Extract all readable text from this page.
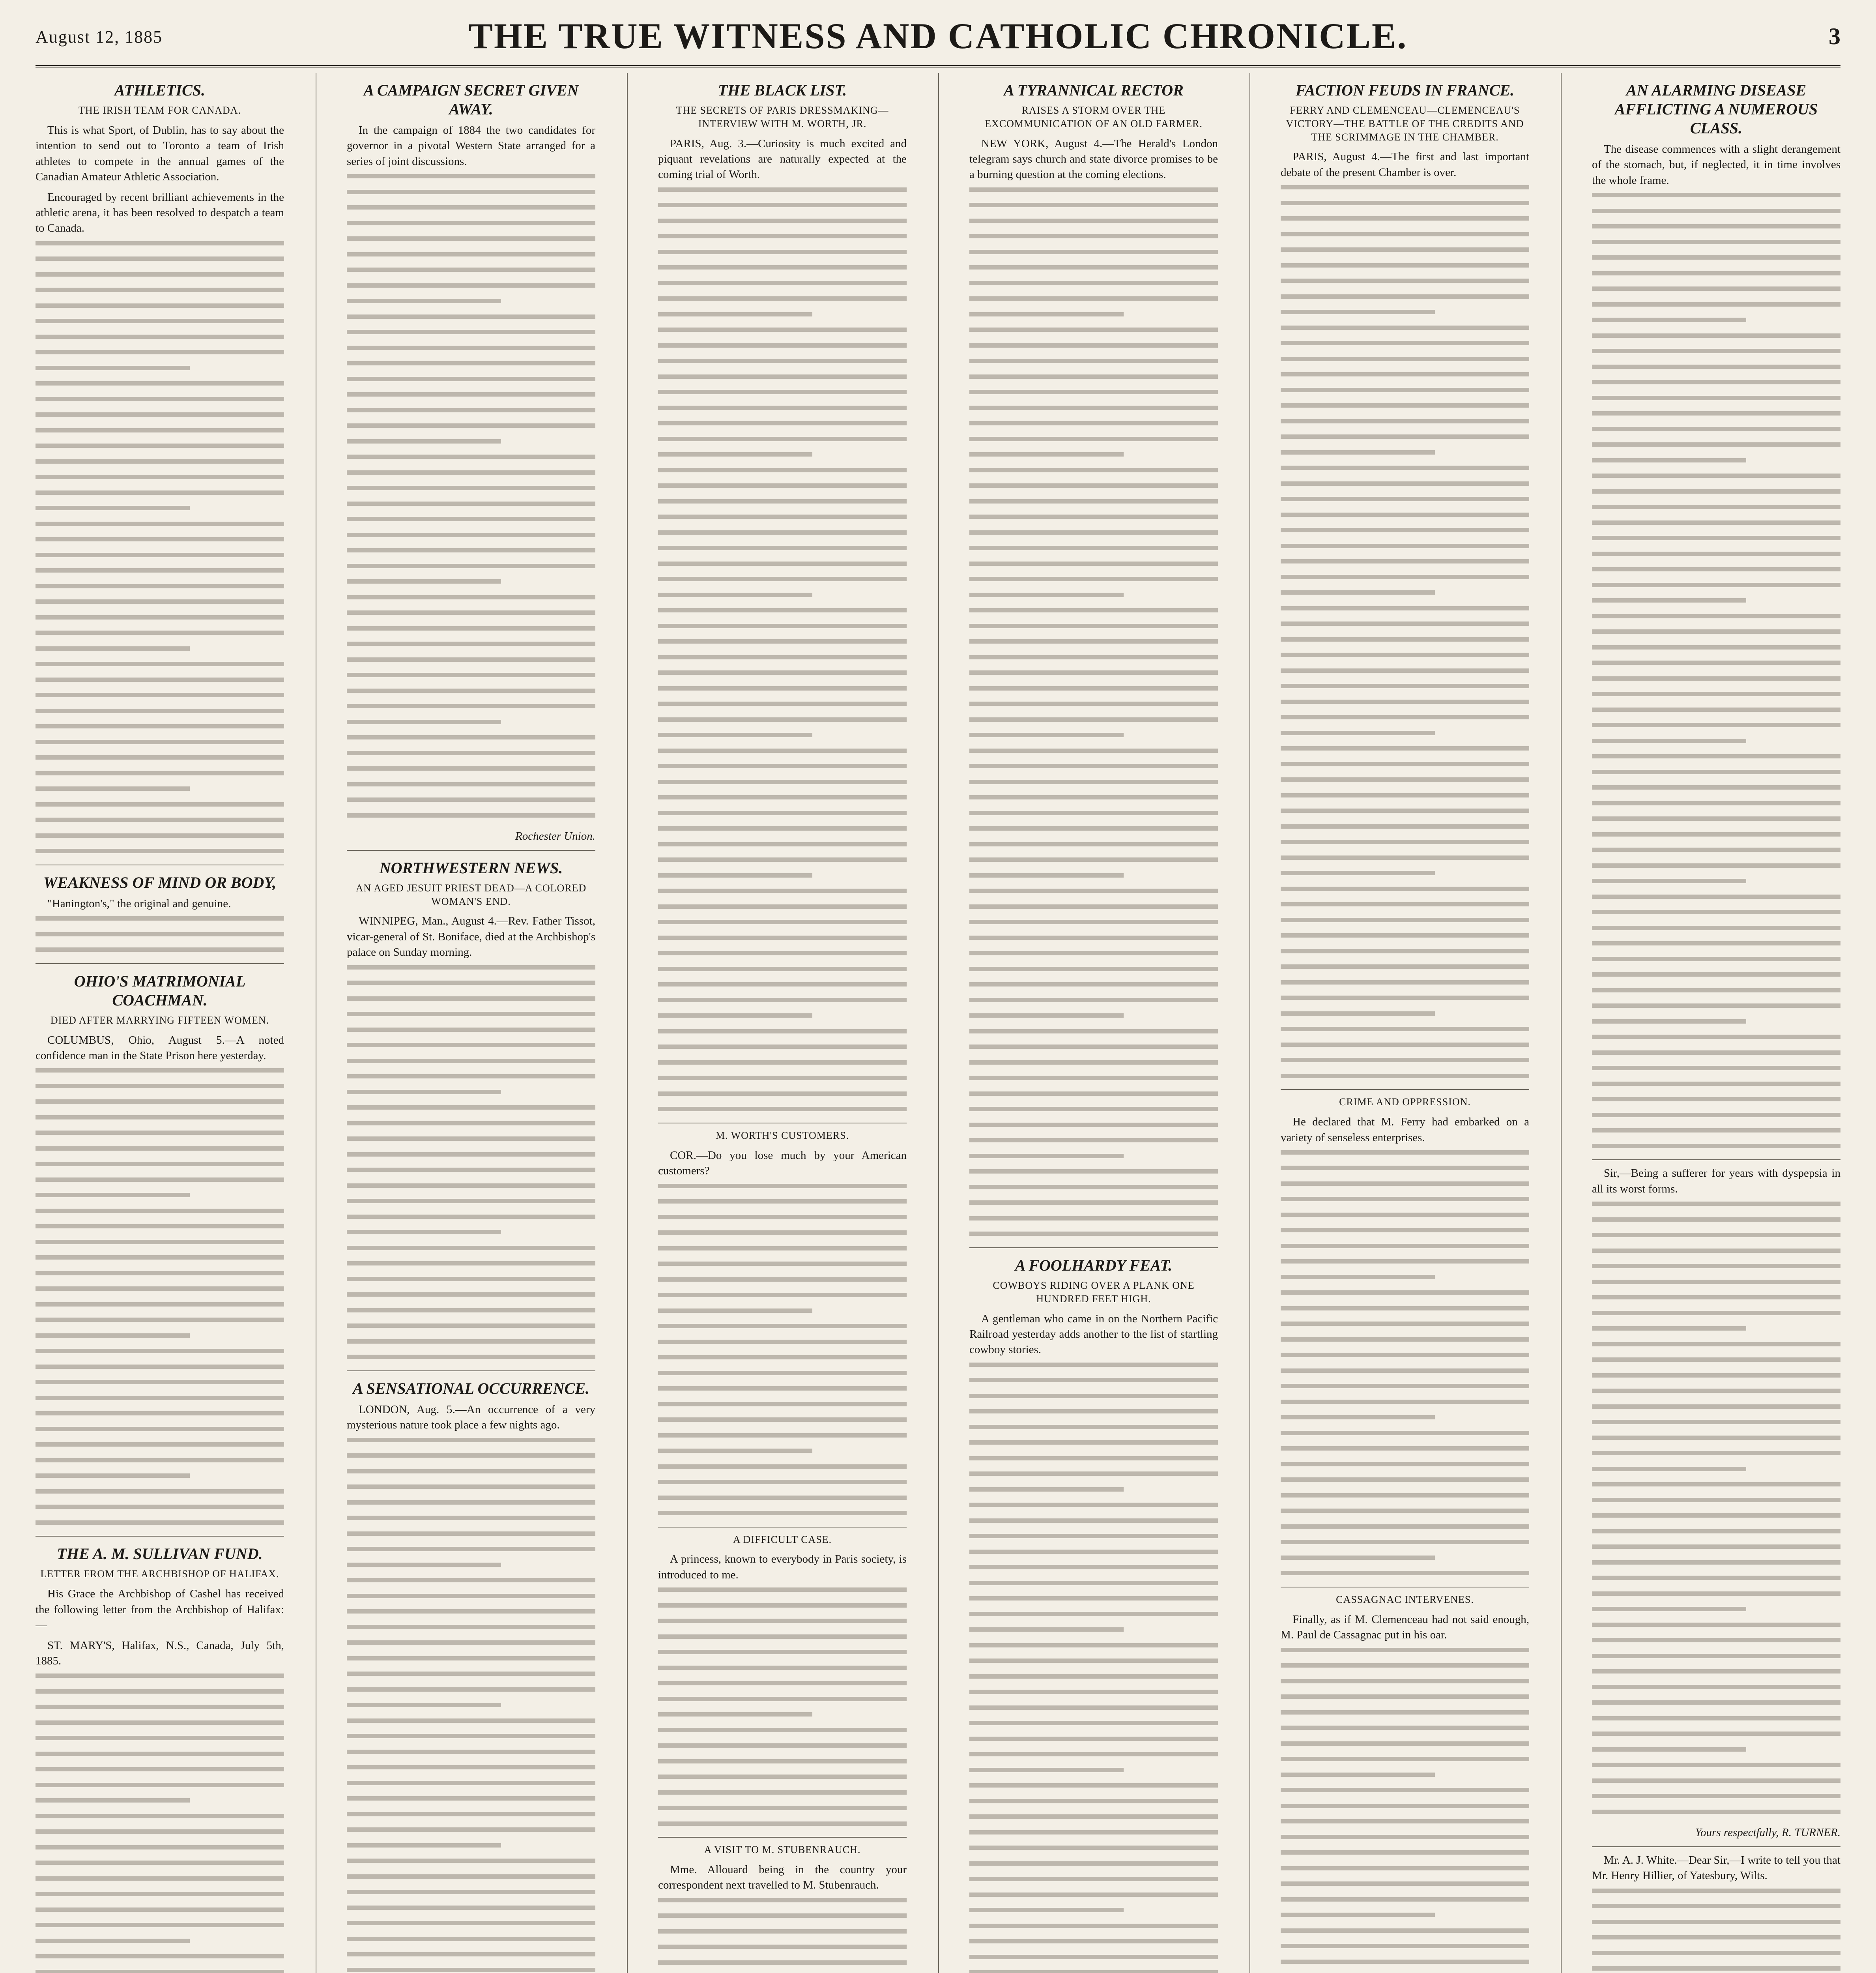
August 12, 1885	THE TRUE WITNESS AND CATHOLIC CHRONICLE.	3
ATHLETICS.
THE IRISH TEAM FOR CANADA.

This is what Sport, of Dublin, has to say about the intention to send out to Toronto a team of Irish athletes to compete in the annual games of the Canadian Amateur Athletic Association.

Encouraged by recent brilliant achievements in the athletic arena, it has been resolved to despatch a team to Canada.

WEAKNESS OF MIND OR BODY,

"Hanington's," the original and genuine.

OHIO'S MATRIMONIAL COACHMAN.
DIED AFTER MARRYING FIFTEEN WOMEN.

COLUMBUS, Ohio, August 5.—A noted confidence man in the State Prison here yesterday.

THE A. M. SULLIVAN FUND.
LETTER FROM THE ARCHBISHOP OF HALIFAX.

His Grace the Archbishop of Cashel has received the following letter from the Archbishop of Halifax:—

ST. MARY'S, Halifax, N.S., Canada, July 5th, 1885.

A CAMPAIGN SECRET GIVEN AWAY.

In the campaign of 1884 the two candidates for governor in a pivotal Western State arranged for a series of joint discussions.

Rochester Union.
NORTHWESTERN NEWS.
AN AGED JESUIT PRIEST DEAD—A COLORED WOMAN'S END.

WINNIPEG, Man., August 4.—Rev. Father Tissot, vicar-general of St. Boniface, died at the Archbishop's palace on Sunday morning.

A SENSATIONAL OCCURRENCE.

LONDON, Aug. 5.—An occurrence of a very mysterious nature took place a few nights ago.

THE BLACK LIST.
THE SECRETS OF PARIS DRESSMAKING—INTERVIEW WITH M. WORTH, JR.

PARIS, Aug. 3.—Curiosity is much excited and piquant revelations are naturally expected at the coming trial of Worth.

M. WORTH'S CUSTOMERS.

COR.—Do you lose much by your American customers?

A DIFFICULT CASE.

A princess, known to everybody in Paris society, is introduced to me.

A VISIT TO M. STUBENRAUCH.

Mme. Allouard being in the country your correspondent next travelled to M. Stubenrauch.

A TYRANNICAL RECTOR
RAISES A STORM OVER THE EXCOMMUNICATION OF AN OLD FARMER.

NEW YORK, August 4.—The Herald's London telegram says church and state divorce promises to be a burning question at the coming elections.

A FOOLHARDY FEAT.
COWBOYS RIDING OVER A PLANK ONE HUNDRED FEET HIGH.

A gentleman who came in on the Northern Pacific Railroad yesterday adds another to the list of startling cowboy stories.

FACTION FEUDS IN FRANCE.
FERRY AND CLEMENCEAU—CLEMENCEAU'S VICTORY—THE BATTLE OF THE CREDITS AND THE SCRIMMAGE IN THE CHAMBER.

PARIS, August 4.—The first and last important debate of the present Chamber is over.

CRIME AND OPPRESSION.

He declared that M. Ferry had embarked on a variety of senseless enterprises.

CASSAGNAC INTERVENES.

Finally, as if M. Clemenceau had not said enough, M. Paul de Cassagnac put in his oar.

AN ALARMING DISEASE AFFLICTING A NUMEROUS CLASS.

The disease commences with a slight derangement of the stomach, but, if neglected, it in time involves the whole frame.

Sir,—Being a sufferer for years with dyspepsia in all its worst forms.

Yours respectfully, R. TURNER.

Mr. A. J. White.—Dear Sir,—I write to tell you that Mr. Henry Hillier, of Yatesbury, Wilts.
